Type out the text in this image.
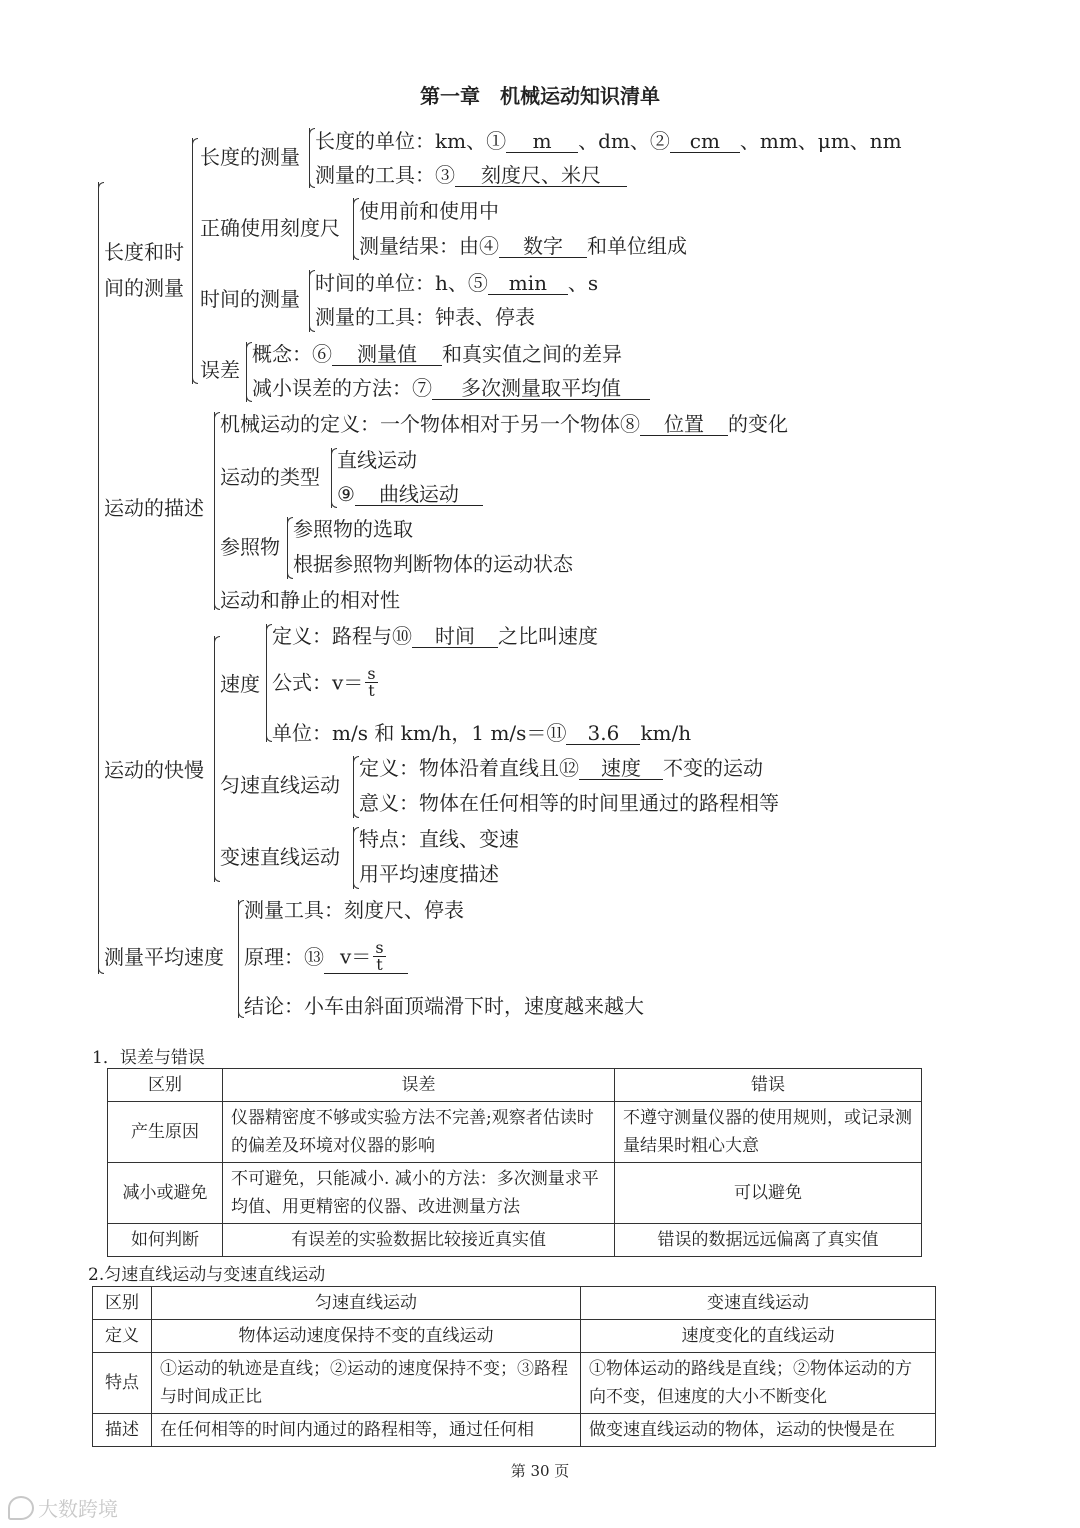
第一章　机械运动知识清单
长度和时
间的测量
长度的测量
长度的单位：km、① m 、dm、② cm 、mm、μm、nm
测量的工具：③ 刻度尺、米尺
正确使用刻度尺
使用前和使用中
测量结果：由④ 数字 和单位组成
时间的测量
时间的单位：h、⑤ min 、s
测量的工具：钟表、停表
误差
概念：⑥ 测量值 和真实值之间的差异
减小误差的方法：⑦ 多次测量取平均值
运动的描述
机械运动的定义：一个物体相对于另一个物体⑧ 位置 的变化
运动的类型
直线运动
⑨ 曲线运动
参照物
参照物的选取
根据参照物判断物体的运动状态
运动和静止的相对性
运动的快慢
速度
定义：路程与⑩ 时间 之比叫速度
公式：$v= \frac{s}{t}$
单位：m/s 和 km/h，1 m/s＝⑪ 3.6 km/h
匀速直线运动
定义：物体沿着直线且⑫ 速度 不变的运动
意义：物体在任何相等的时间里通过的路程相等
变速直线运动
特点：直线、变速
用平均速度描述
测量平均速度
测量工具：刻度尺、停表
原理：⑬ $v= \frac{s}{t}$
结论：小车由斜面顶端滑下时，速度越来越大
1．误差与错误
区别	误差	错误
产生原因	仪器精密度不够或实验方法不完善;观察者估读时的偏差及环境对仪器的影响	不遵守测量仪器的使用规则，或记录测量结果时粗心大意
减小或避免	不可避免，只能减小. 减小的方法：多次测量求平均值、用更精密的仪器、改进测量方法	可以避免
如何判断	有误差的实验数据比较接近真实值	错误的数据远远偏离了真实值
2.匀速直线运动与变速直线运动
区别	匀速直线运动	变速直线运动
定义	物体运动速度保持不变的直线运动	速度变化的直线运动
特点	①运动的轨迹是直线；②运动的速度保持不变；③路程与时间成正比	①物体运动的路线是直线；②物体运动的方向不变，但速度的大小不断变化
描述	在任何相等的时间内通过的路程相等，通过任何相	做变速直线运动的物体，运动的快慢是在
第 30 页
大数跨境
